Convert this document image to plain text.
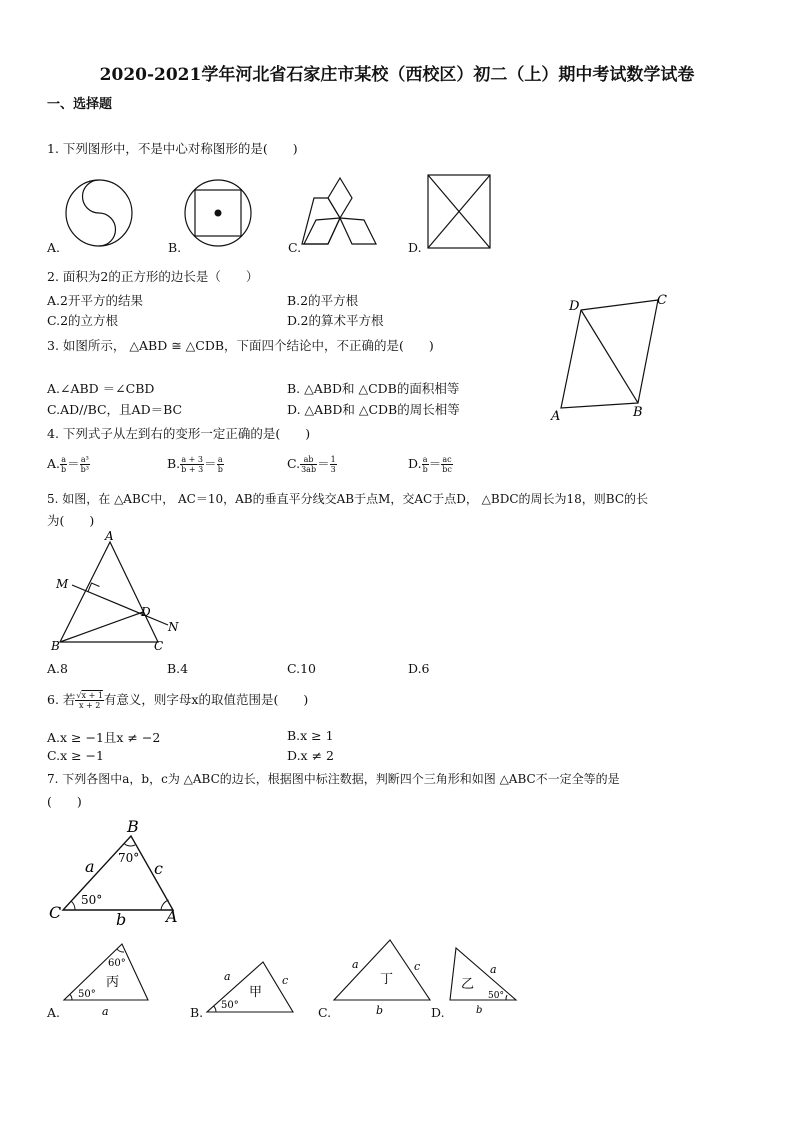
2020-2021学年河北省石家庄市某校（西校区）初二（上）期中考试数学试卷
一、选择题
1. 下列图形中，不是中心对称图形的是(　　)
A.	B.	C.	D.
2. 面积为2的正方形的边长是（　　）
A.2开平方的结果	B.2的平方根
C.2的立方根	D.2的算术平方根
D	C
A	B
3. 如图所示， △ABD ≅ △CDB，下面四个结论中，不正确的是(　　)
A.∠ABD ＝∠CBD	B. △ABD和 △CDB的面积相等
C.AD//BC，且AD＝BC	D. △ABD和 △CDB的周长相等
4. 下列式子从左到右的变形一定正确的是(　　)
A. $\frac{a}{b} = \frac{\text{a³}}{\text{b³}}$	B. $\frac{a + 3}{b + 3} = \frac{a}{b}$	C. $\frac{ab}{3ab} = \frac{1}{3}$	D. $\frac{a}{b} = \frac{ac}{bc}$
5. 如图，在 △ABC中， AC＝10，AB的垂直平分线交AB于点M，交AC于点D， △BDC的周长为18，则BC的长
为(　　)
A
M
D
N
B	C
A.8	B.4	C.10	D.6
6. 若 $\frac{√x + 1}{x + 2}$ 有意义，则字母x的取值范围是(　　)
A.x ≥ −1且x ≠ −2	B.x ≥ 1
C.x ≥ −1	D.x ≠ 2
7. 下列各图中a，b，c为 △ABC的边长，根据图中标注数据，判断四个三角形和如图 △ABC不一定全等的是
(　　)
B
C	A
a	c
b
70°
50°
60°
50°
丙
a
A.	50°
甲
a	c
B.
丁
a	c
b
C.
乙
a
50°
b
D.
